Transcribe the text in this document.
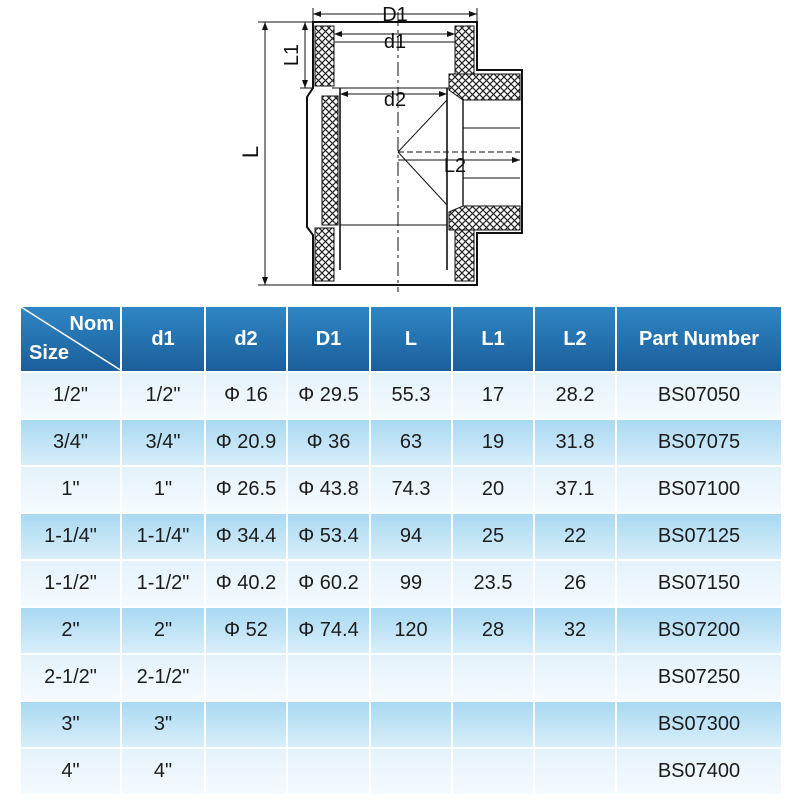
D1
d1
d2
L2
L1
L
Nom
Size	d1	d2	D1	L	L1	L2	Part Number
1/2"	1/2"	Φ 16	Φ 29.5	55.3	17	28.2	BS07050
3/4"	3/4"	Φ 20.9	Φ 36	63	19	31.8	BS07075
1"	1"	Φ 26.5	Φ 43.8	74.3	20	37.1	BS07100
1-1/4"	1-1/4"	Φ 34.4	Φ 53.4	94	25	22	BS07125
1-1/2"	1-1/2"	Φ 40.2	Φ 60.2	99	23.5	26	BS07150
2"	2"	Φ 52	Φ 74.4	120	28	32	BS07200
2-1/2"	2-1/2"						BS07250
3"	3"						BS07300
4"	4"						BS07400
